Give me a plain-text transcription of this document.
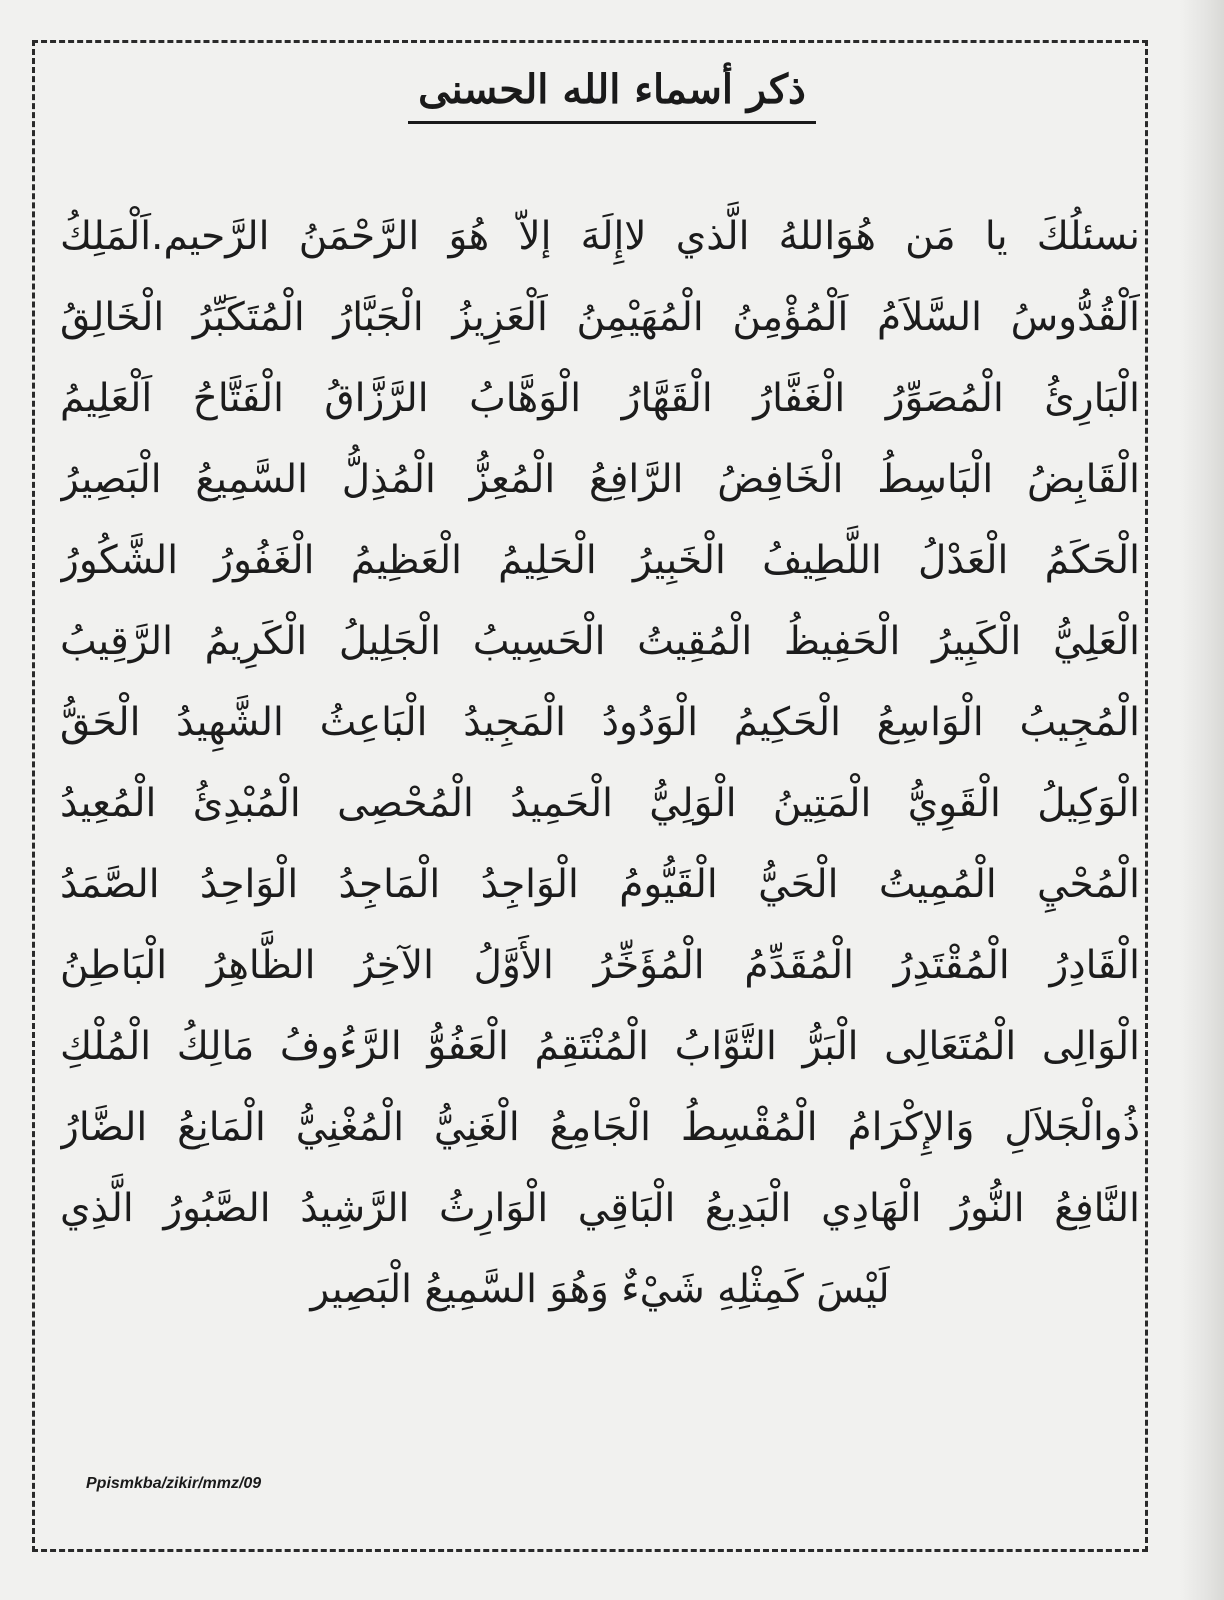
ذكر أسماء الله الحسنى
نسئلُكَ يا مَن هُوَاللهُ الَّذي لاإِلَهَ إلاّ هُوَ الرَّحْمَنُ الرَّحيم.اَلْمَلِكُ
اَلْقُدُّوسُ السَّلاَمُ اَلْمُؤْمِنُ الْمُهَيْمِنُ اَلْعَزِيزُ الْجَبَّارُ الْمُتَكَبِّرُ الْخَالِقُ
الْبَارِئُ الْمُصَوِّرُ الْغَفَّارُ الْقَهَّارُ الْوَهَّابُ الرَّزَّاقُ الْفَتَّاحُ اَلْعَلِيمُ
الْقَابِضُ الْبَاسِطُ الْخَافِضُ الرَّافِعُ الْمُعِزُّ الْمُذِلُّ السَّمِيعُ الْبَصِيرُ
الْحَكَمُ الْعَدْلُ اللَّطِيفُ الْخَبِيرُ الْحَلِيمُ الْعَظِيمُ الْغَفُورُ الشَّكُورُ
الْعَلِيُّ الْكَبِيرُ الْحَفِيظُ الْمُقِيتُ الْحَسِيبُ الْجَلِيلُ الْكَرِيمُ الرَّقِيبُ
الْمُجِيبُ الْوَاسِعُ الْحَكِيمُ الْوَدُودُ الْمَجِيدُ الْبَاعِثُ الشَّهِيدُ الْحَقُّ
الْوَكِيلُ الْقَوِيُّ الْمَتِينُ الْوَلِيُّ الْحَمِيدُ الْمُحْصِى الْمُبْدِئُ الْمُعِيدُ
الْمُحْيِ الْمُمِيتُ الْحَيُّ الْقَيُّومُ الْوَاجِدُ الْمَاجِدُ الْوَاحِدُ الصَّمَدُ
الْقَادِرُ الْمُقْتَدِرُ الْمُقَدِّمُ الْمُؤَخِّرُ الأَوَّلُ الآخِرُ الظَّاهِرُ الْبَاطِنُ
الْوَالِى الْمُتَعَالِى الْبَرُّ التَّوَّابُ الْمُنْتَقِمُ الْعَفُوُّ الرَّءُوفُ مَالِكُ الْمُلْكِ
ذُوالْجَلاَلِ وَالإِكْرَامُ الْمُقْسِطُ الْجَامِعُ الْغَنِيُّ الْمُغْنِيُّ الْمَانِعُ الضَّارُ
النَّافِعُ النُّورُ الْهَادِي الْبَدِيعُ الْبَاقِي الْوَارِثُ الرَّشِيدُ الصَّبُورُ الَّذِي
لَيْسَ كَمِثْلِهِ شَيْءٌ وَهُوَ السَّمِيعُ الْبَصِير
Ppismkba/zikir/mmz/09
